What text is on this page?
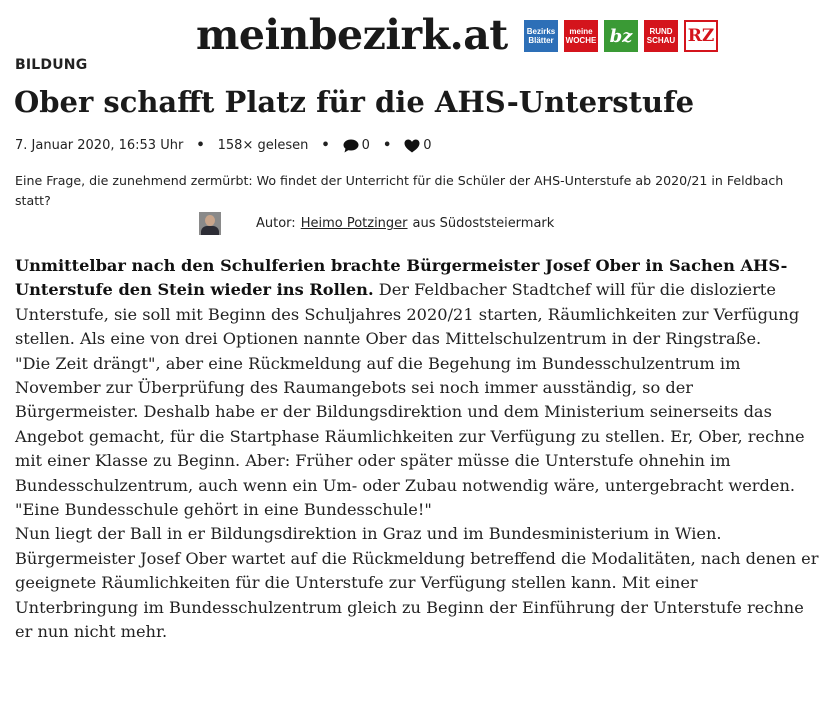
meinbezirk.at Bezirks
Blätter
meine
WOCHE bz	RUND
SCHAU RZ
BILDUNG
Ober schafft Platz für die AHS-Unterstufe
7. Januar 2020, 16:53 Uhr • 158× gelesen • 0 • 0

Eine Frage, die zunehmend zermürbt: Wo findet der Unterricht für die Schüler der AHS-Unterstufe ab 2020/21 in Feldbach statt?

Autor: Heimo Potzinger aus Südoststeiermark

Unmittelbar nach den Schulferien brachte Bürgermeister Josef Ober in Sachen AHS-Unterstufe den Stein wieder ins Rollen. Der Feldbacher Stadtchef will für die dislozierte Unterstufe, sie soll mit Beginn des Schuljahres 2020/21 starten, Räumlichkeiten zur Verfügung stellen. Als eine von drei Optionen nannte Ober das Mittelschulzentrum in der Ringstraße.

"Die Zeit drängt", aber eine Rückmeldung auf die Begehung im Bundesschulzentrum im November zur Überprüfung des Raumangebots sei noch immer ausständig, so der Bürgermeister. Deshalb habe er der Bildungsdirektion und dem Ministerium seinerseits das Angebot gemacht, für die Startphase Räumlichkeiten zur Verfügung zu stellen. Er, Ober, rechne mit einer Klasse zu Beginn. Aber: Früher oder später müsse die Unterstufe ohnehin im Bundesschulzentrum, auch wenn ein Um- oder Zubau notwendig wäre, untergebracht werden. "Eine Bundesschule gehört in eine Bundesschule!"

Nun liegt der Ball in er Bildungsdirektion in Graz und im Bundesministerium in Wien. Bürgermeister Josef Ober wartet auf die Rückmeldung betreffend die Modalitäten, nach denen er geeignete Räumlichkeiten für die Unterstufe zur Verfügung stellen kann. Mit einer Unterbringung im Bundesschulzentrum gleich zu Beginn der Einführung der Unterstufe rechne er nun nicht mehr.
